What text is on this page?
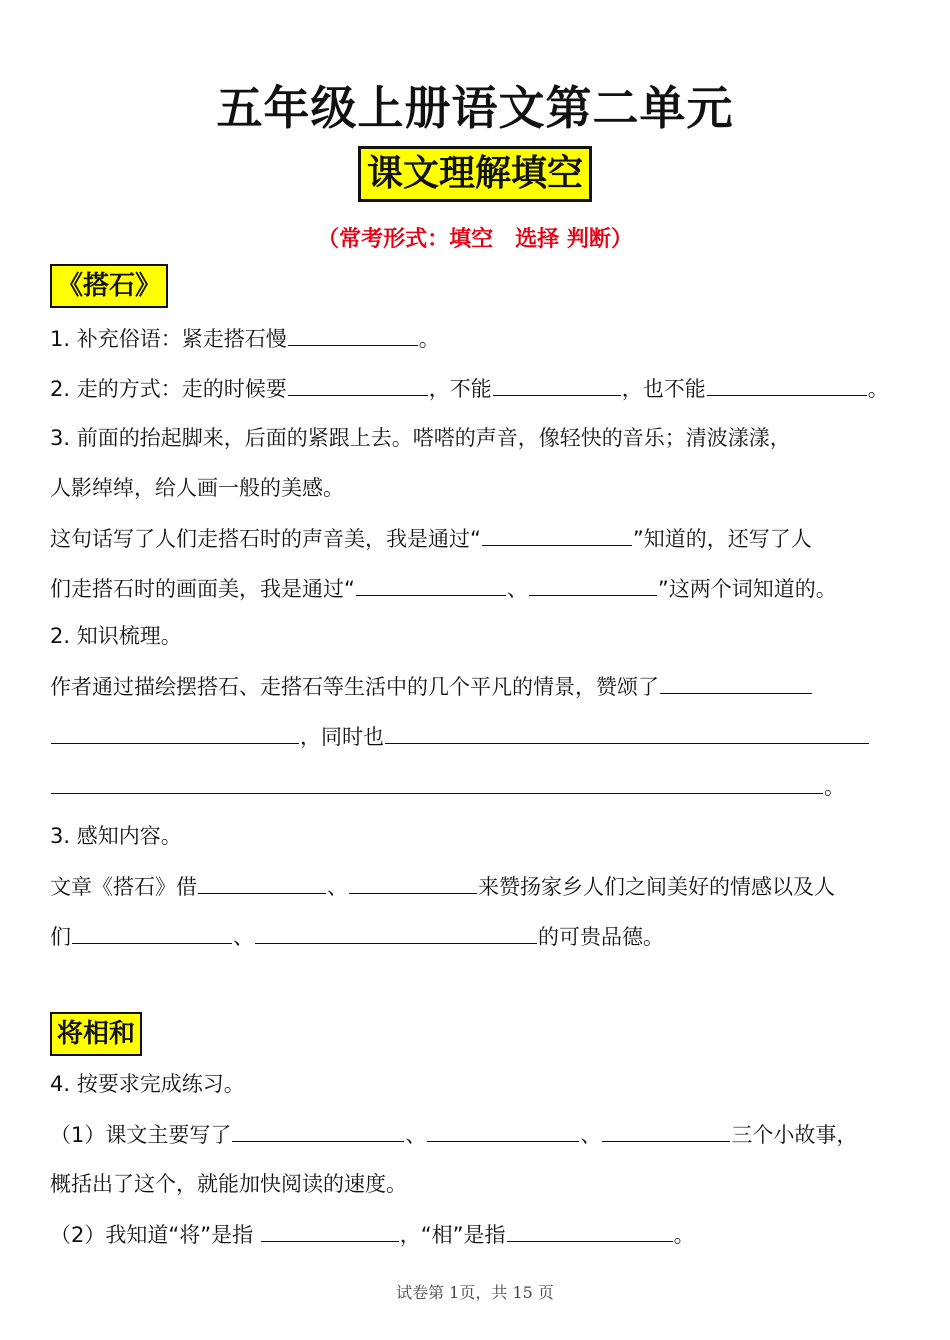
五年级上册语文第二单元
课文理解填空
（常考形式：填空　选择 判断）
《搭石》
1. 补充俗语：紧走搭石慢	。
2. 走的方式：走的时候要	，不能	，也不能	。
3. 前面的抬起脚来，后面的紧跟上去。嗒嗒的声音，像轻快的音乐；清波漾漾，
人影绰绰，给人画一般的美感。
这句话写了人们走搭石时的声音美，我是通过“	”知道的，还写了人
们走搭石时的画面美，我是通过“	、	”这两个词知道的。
2. 知识梳理。
作者通过描绘摆搭石、走搭石等生活中的几个平凡的情景，赞颂了
，同时也
。
3. 感知内容。
文章《搭石》借	、	来赞扬家乡人们之间美好的情感以及人
们	、	的可贵品德。
将相和
4. 按要求完成练习。
（1）课文主要写了	、	、	三个小故事，
概括出了这个，就能加快阅读的速度。
（2）我知道“将”是指	，“相”是指	。
试卷第 1页，共 15 页
